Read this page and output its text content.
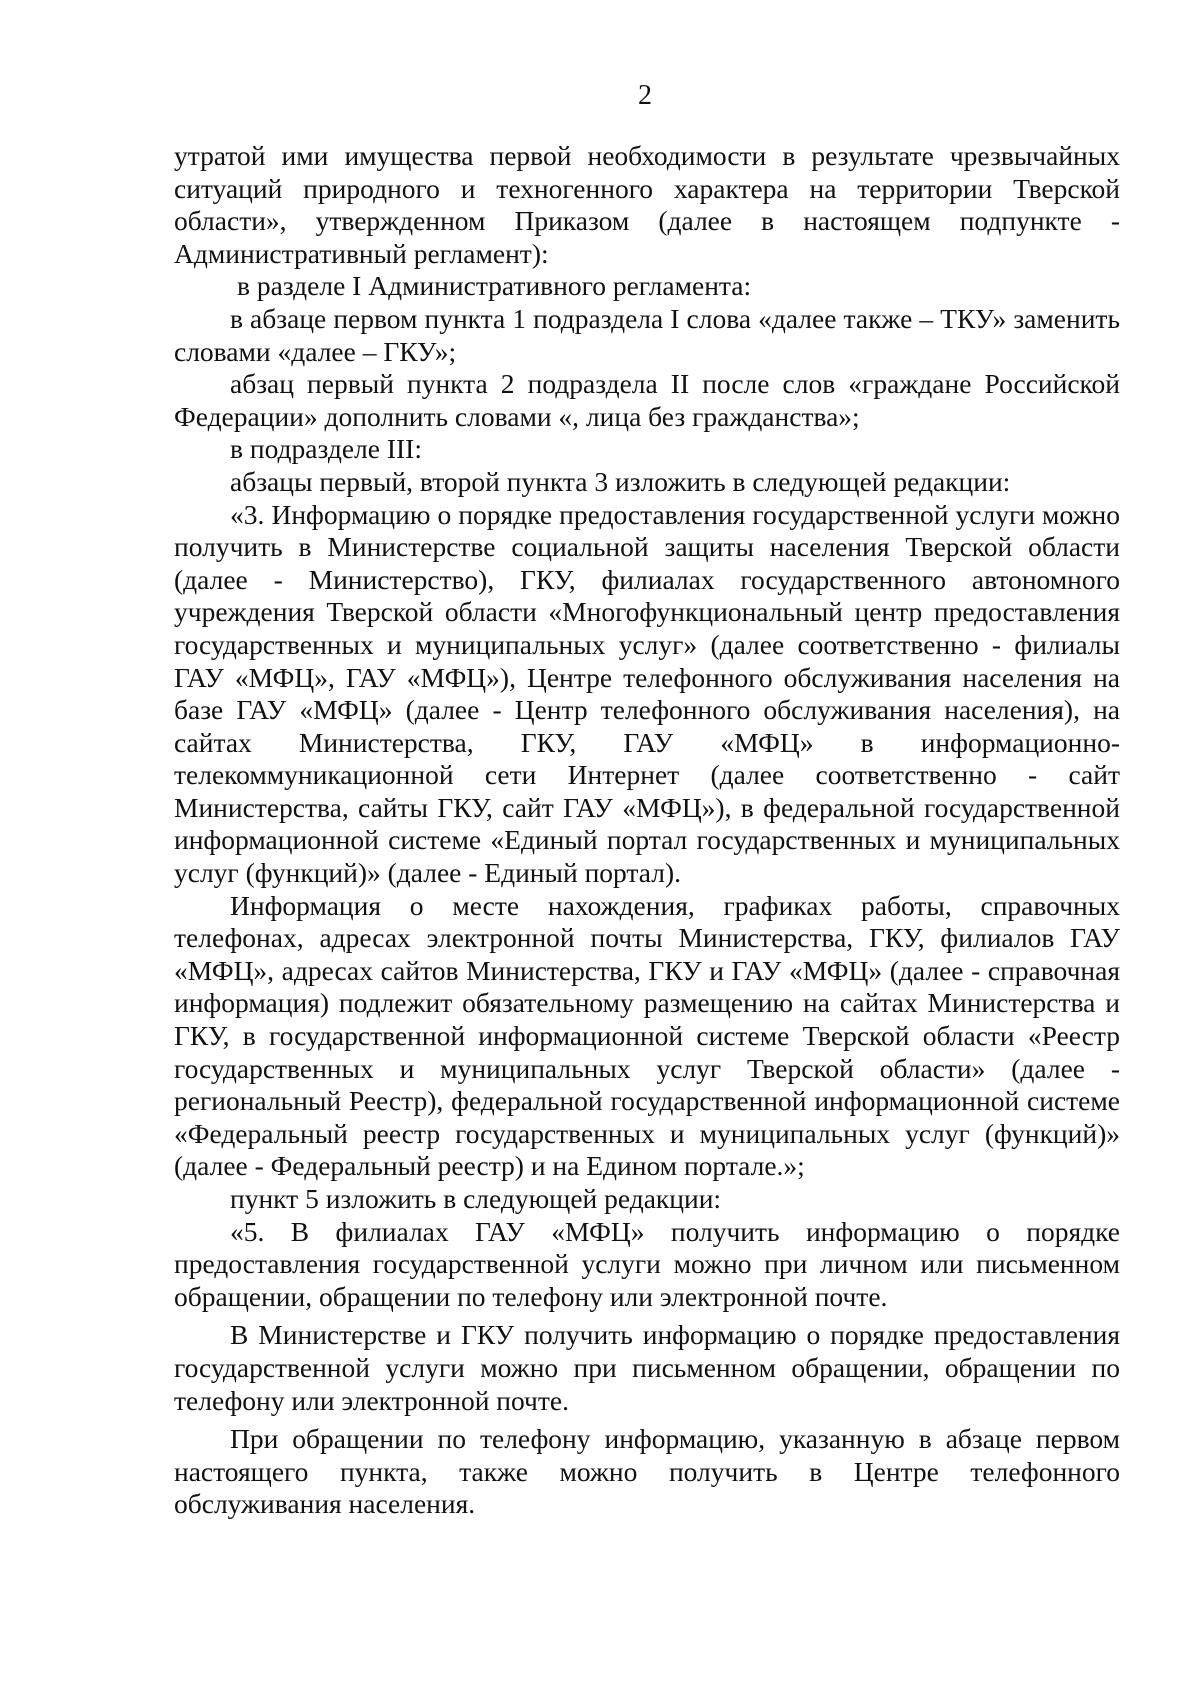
2

утратой ими имущества первой необходимости в результате чрезвычайных ситуаций природного и техногенного характера на территории Тверской области», утвержденном Приказом (далее в настоящем подпункте - Административный регламент):

в разделе I Административного регламента:

в абзаце первом пункта 1 подраздела I слова «далее также – ТКУ» заменить словами «далее – ГКУ»;

абзац первый пункта 2 подраздела II после слов «граждане Российской Федерации» дополнить словами «, лица без гражданства»;

в подразделе III:

абзацы первый, второй пункта 3 изложить в следующей редакции:

«3. Информацию о порядке предоставления государственной услуги можно получить в Министерстве социальной защиты населения Тверской области (далее - Министерство), ГКУ, филиалах государственного автономного учреждения Тверской области «Многофункциональный центр предоставления государственных и муниципальных услуг» (далее соответственно - филиалы ГАУ «МФЦ», ГАУ «МФЦ»), Центре телефонного обслуживания населения на базе ГАУ «МФЦ» (далее - Центр телефонного обслуживания населения), на сайтах Министерства, ГКУ, ГАУ «МФЦ» в информационно-телекоммуникационной сети Интернет (далее соответственно - сайт Министерства, сайты ГКУ, сайт ГАУ «МФЦ»), в федеральной государственной информационной системе «Единый портал государственных и муниципальных услуг (функций)» (далее - Единый портал).

Информация о месте нахождения, графиках работы, справочных телефонах, адресах электронной почты Министерства, ГКУ, филиалов ГАУ «МФЦ», адресах сайтов Министерства, ГКУ и ГАУ «МФЦ» (далее - справочная информация) подлежит обязательному размещению на сайтах Министерства и ГКУ, в государственной информационной системе Тверской области «Реестр государственных и муниципальных услуг Тверской области» (далее - региональный Реестр), федеральной государственной информационной системе «Федеральный реестр государственных и муниципальных услуг (функций)» (далее - Федеральный реестр) и на Едином портале.»;

пункт 5 изложить в следующей редакции:

«5. В филиалах ГАУ «МФЦ» получить информацию о порядке предоставления государственной услуги можно при личном или письменном обращении, обращении по телефону или электронной почте.

В Министерстве и ГКУ получить информацию о порядке предоставления государственной услуги можно при письменном обращении, обращении по телефону или электронной почте.

При обращении по телефону информацию, указанную в абзаце первом настоящего пункта, также можно получить в Центре телефонного обслуживания населения.
